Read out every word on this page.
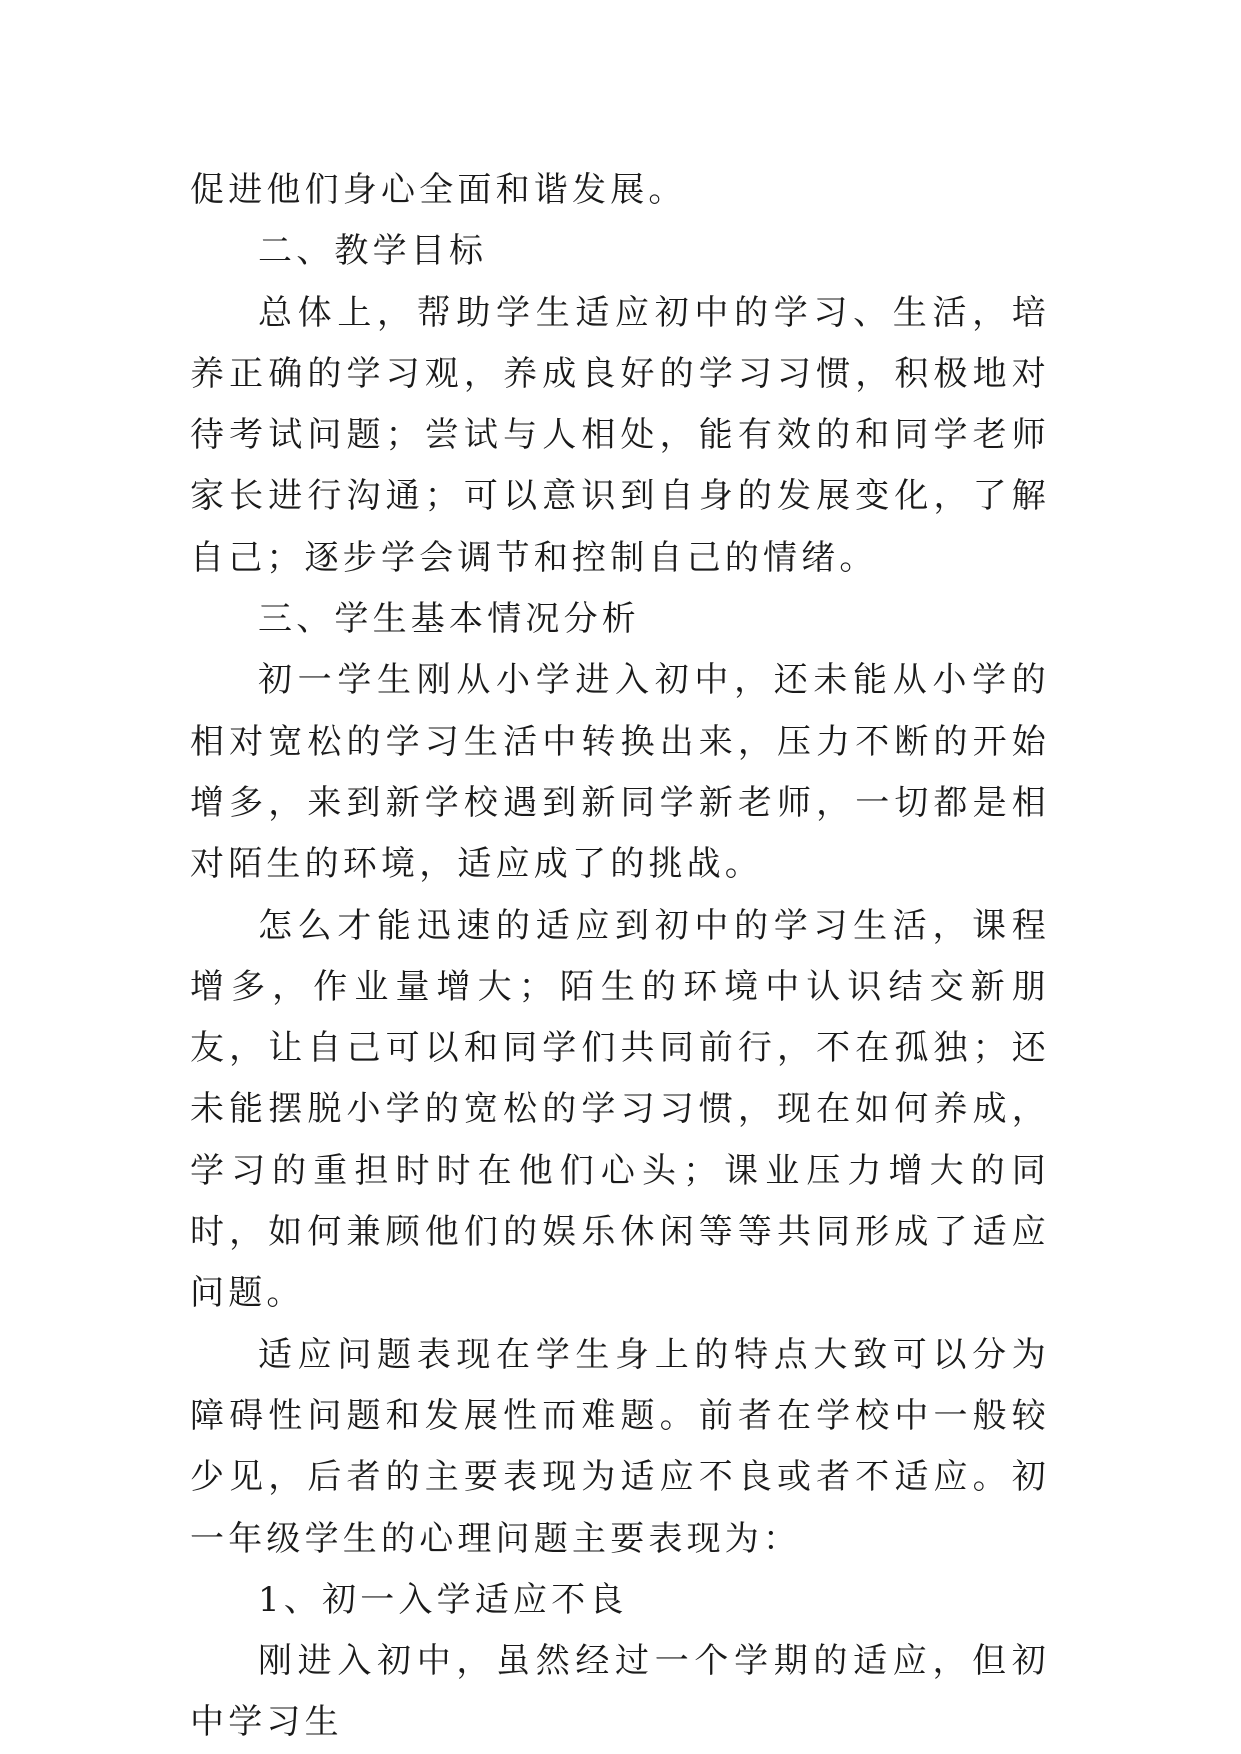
促进他们身心全面和谐发展。

二、教学目标

总体上，帮助学生适应初中的学习、生活，培养正确的学习观，养成良好的学习习惯，积极地对待考试问题；尝试与人相处，能有效的和同学老师家长进行沟通；可以意识到自身的发展变化，了解自己；逐步学会调节和控制自己的情绪。

三、学生基本情况分析

初一学生刚从小学进入初中，还未能从小学的相对宽松的学习生活中转换出来，压力不断的开始增多，来到新学校遇到新同学新老师，一切都是相对陌生的环境，适应成了的挑战。

怎么才能迅速的适应到初中的学习生活，课程增多，作业量增大；陌生的环境中认识结交新朋友，让自己可以和同学们共同前行，不在孤独；还未能摆脱小学的宽松的学习习惯，现在如何养成，学习的重担时时在他们心头；课业压力增大的同时，如何兼顾他们的娱乐休闲等等共同形成了适应问题。

适应问题表现在学生身上的特点大致可以分为障碍性问题和发展性而难题。前者在学校中一般较少见，后者的主要表现为适应不良或者不适应。初一年级学生的心理问题主要表现为：

1、初一入学适应不良

刚进入初中，虽然经过一个学期的适应，但初中学习生
